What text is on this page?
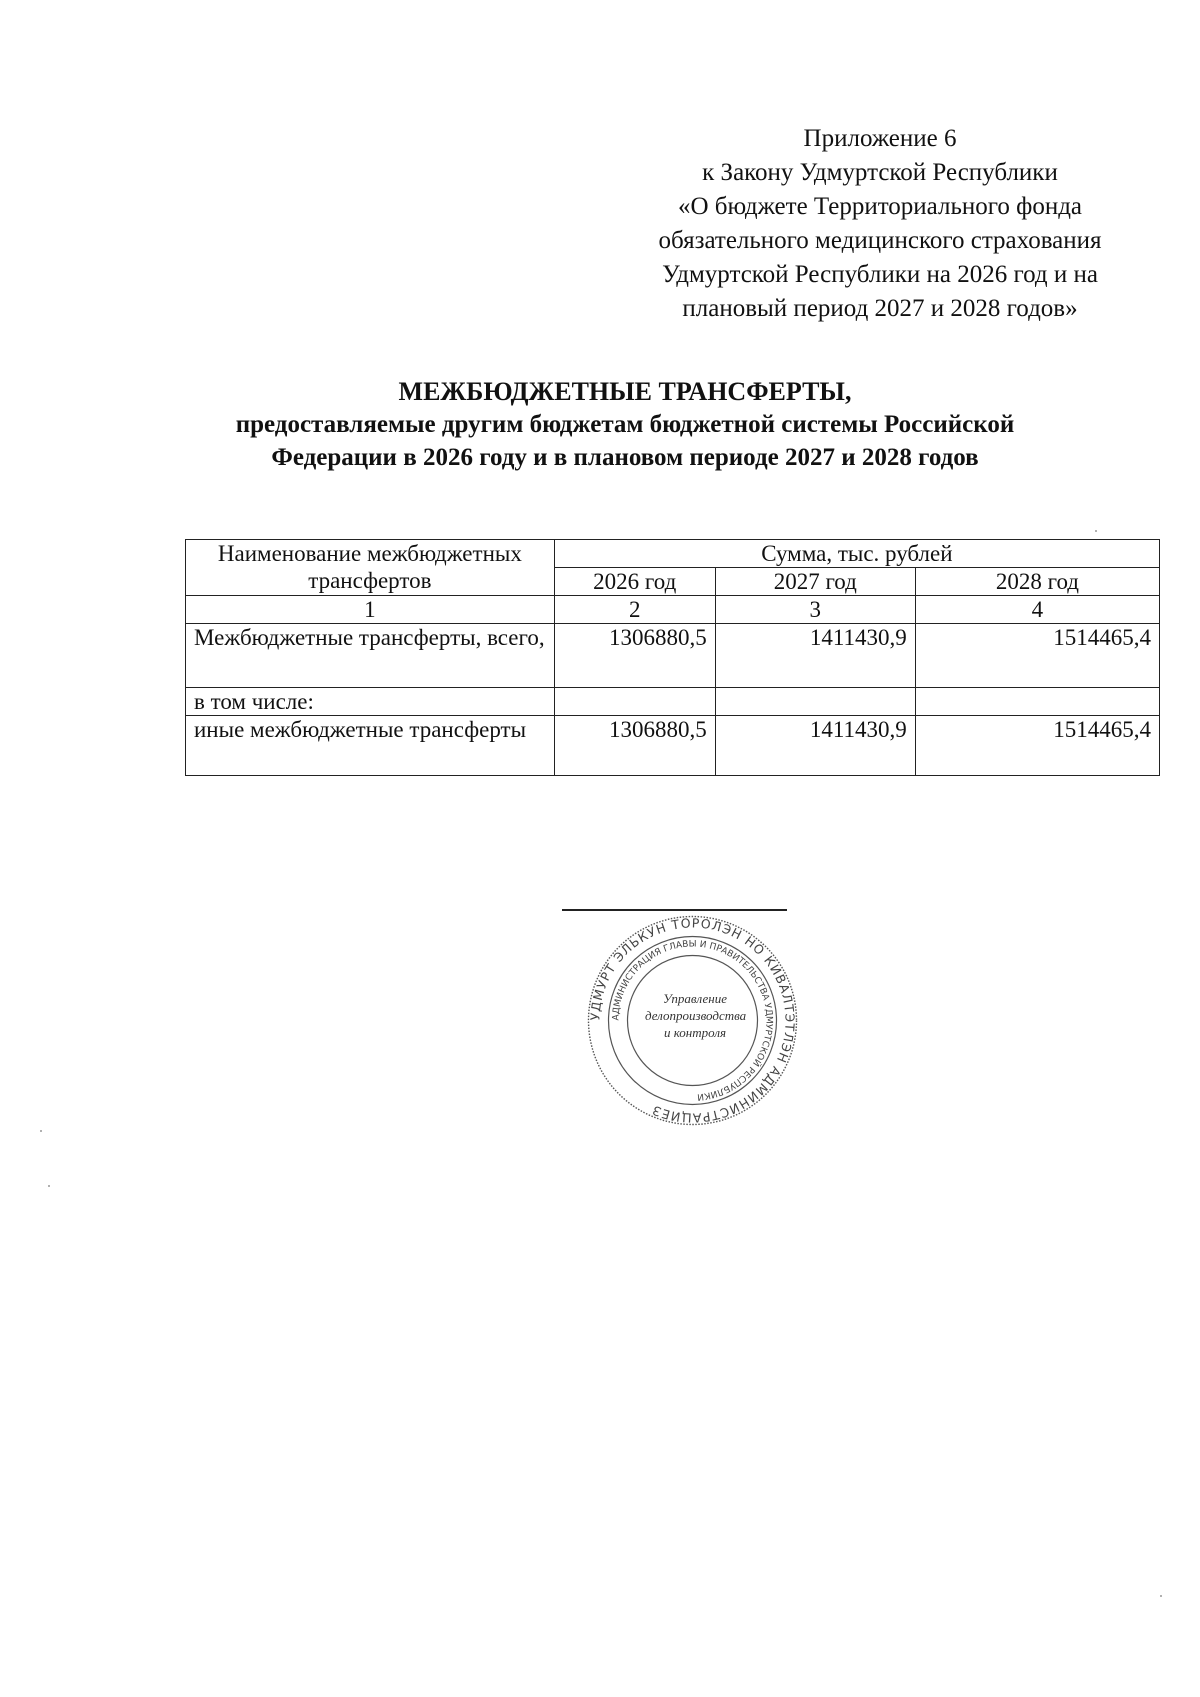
Приложение 6
к Закону Удмуртской Республики
«О бюджете Территориального фонда
обязательного медицинского страхования
Удмуртской Республики на 2026 год и на
плановый период 2027 и 2028 годов»
МЕЖБЮДЖЕТНЫЕ ТРАНСФЕРТЫ,
предоставляемые другим бюджетам бюджетной системы Российской
Федерации в 2026 году и в плановом периоде 2027 и 2028 годов
Наименование межбюджетных трансфертов	Сумма, тыс. рублей		
	2026 год	2027 год	2028 год
1	2	3	4
Межбюджетные трансферты, всего,	1306880,5	1411430,9	1514465,4
в том числе:			
иные межбюджетные трансферты	1306880,5	1411430,9	1514465,4
УДМУРТ ЭЛЬКУН ТОРОЛЭН НО КИВАЛТЭТЛЭН АДМИНИСТРАЦИЕЗ
АДМИНИСТРАЦИЯ ГЛАВЫ И ПРАВИТЕЛЬСТВА УДМУРТСКОЙ РЕСПУБЛИКИ
Управление
делопроизводства
и контроля
